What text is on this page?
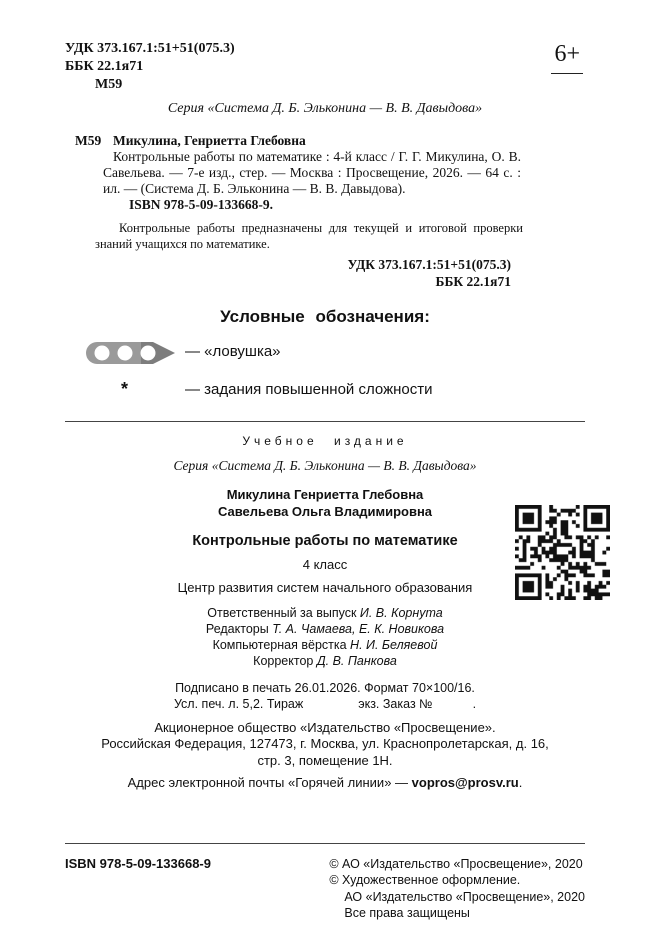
УДК 373.167.1:51+51(075.3)
ББК 22.1я71
М59
6+
Серия «Система Д. Б. Эльконина — В. В. Давыдова»
М59 Микулина, Генриетта Глебовна
Контрольные работы по математике : 4-й класс / Г. Г. Микулина, О. В. Савельева. — 7-е изд., стер. — Москва : Просвещение, 2026. — 64 с. : ил. — (Система Д. Б. Эльконина — В. В. Давыдова).
ISBN 978-5-09-133668-9.
Контрольные работы предназначены для текущей и итоговой проверки знаний учащихся по математике.
УДК 373.167.1:51+51(075.3)
ББК 22.1я71
Условные обозначения:
— «ловушка»
*	— задания повышенной сложности
Учебное издание
Серия «Система Д. Б. Эльконина — В. В. Давыдова»
Микулина Генриетта Глебовна
Савельева Ольга Владимировна
Контрольные работы по математике
4 класс
Центр развития систем начального образования
Ответственный за выпуск И. В. Корнута
Редакторы Т. А. Чамаева, Е. К. Новикова
Компьютерная вёрстка Н. И. Беляевой
Корректор Д. В. Панкова
Подписано в печать 26.01.2026. Формат 70×100/16.
Усл. печ. л. 5,2. Тираж	экз. Заказ №	.
Акционерное общество «Издательство «Просвещение».
Российская Федерация, 127473, г. Москва, ул. Краснопролетарская, д. 16,
стр. 3, помещение 1Н.
Адрес электронной почты «Горячей линии» — vopros@prosv.ru.
ISBN 978-5-09-133668-9	© АО «Издательство «Просвещение», 2020
© Художественное оформление.
АО «Издательство «Просвещение», 2020
Все права защищены
